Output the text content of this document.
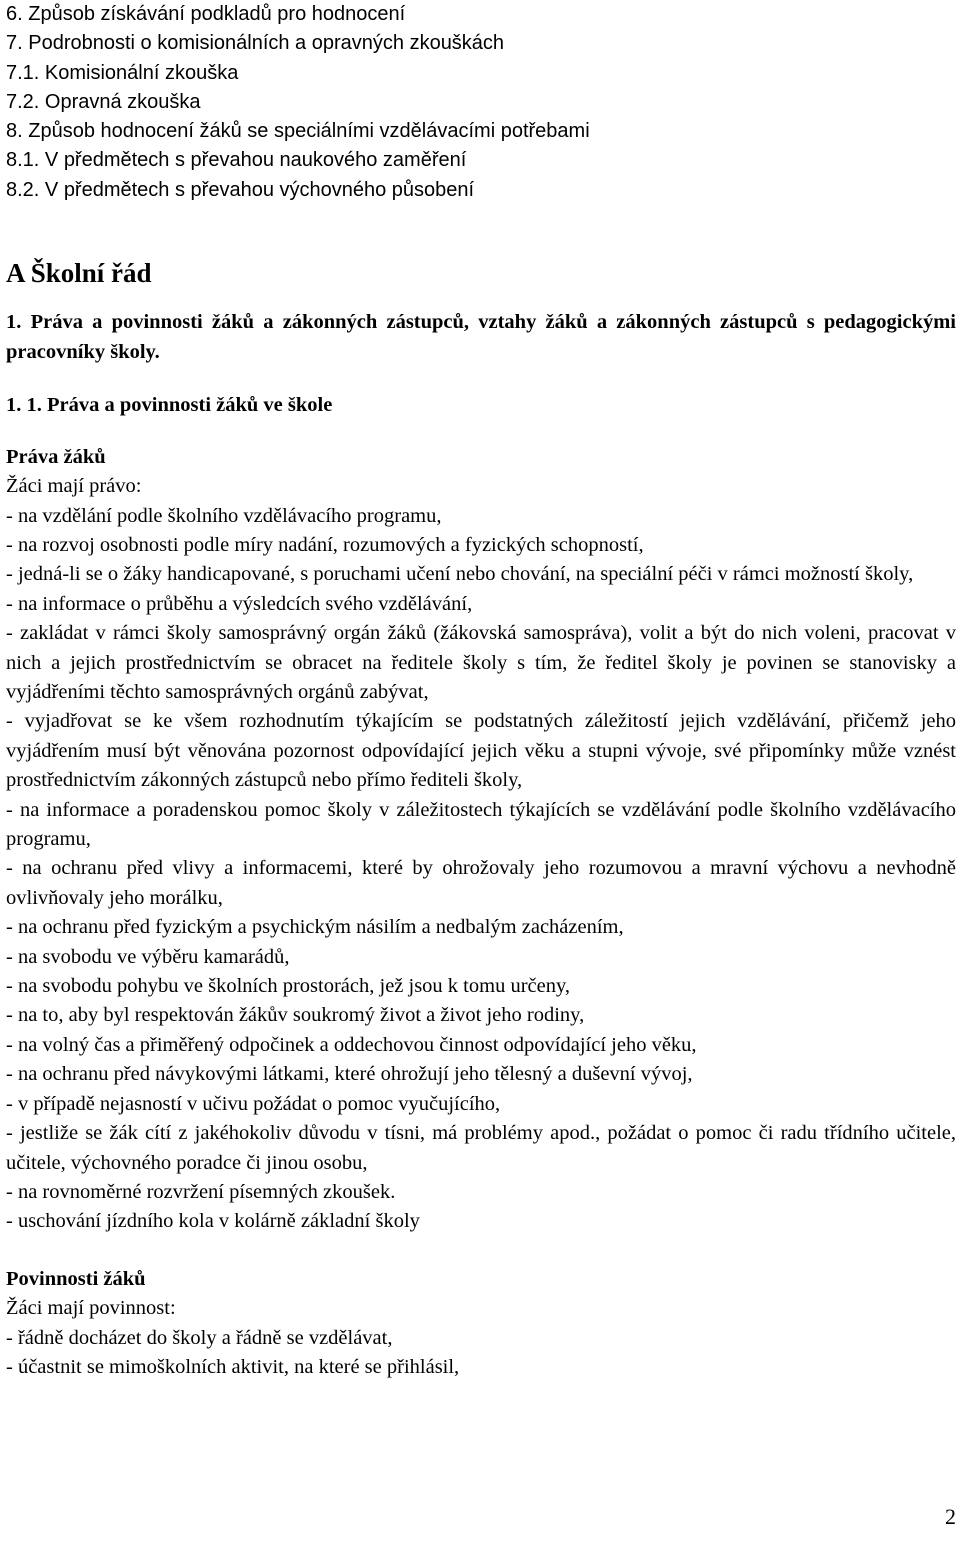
6. Způsob získávání podkladů pro hodnocení
7. Podrobnosti o komisionálních a opravných zkouškách
7.1. Komisionální zkouška
7.2. Opravná zkouška
8. Způsob hodnocení žáků se speciálními vzdělávacími potřebami
8.1. V předmětech s převahou naukového zaměření
8.2. V předmětech s převahou výchovného působení
A Školní řád
1. Práva a povinnosti žáků a zákonných zástupců, vztahy žáků a zákonných zástupců s pedagogickými pracovníky školy.
1. 1. Práva a povinnosti žáků ve škole
Práva žáků
Žáci mají právo:
- na vzdělání podle školního vzdělávacího programu,
- na rozvoj osobnosti podle míry nadání, rozumových a fyzických schopností,
- jedná-li se o žáky handicapované, s poruchami učení nebo chování, na speciální péči v rámci možností školy,
- na informace o průběhu a výsledcích svého vzdělávání,
- zakládat v rámci školy samosprávný orgán žáků (žákovská samospráva), volit a být do nich voleni, pracovat v nich a jejich prostřednictvím se obracet na ředitele školy s tím, že ředitel školy je povinen se stanovisky a vyjádřeními těchto samosprávných orgánů zabývat,
- vyjadřovat se ke všem rozhodnutím týkajícím se podstatných záležitostí jejich vzdělávání, přičemž jeho vyjádřením musí být věnována pozornost odpovídající jejich věku a stupni vývoje, své připomínky může vznést prostřednictvím zákonných zástupců nebo přímo řediteli školy,
- na informace a poradenskou pomoc školy v záležitostech týkajících se vzdělávání podle školního vzdělávacího programu,
- na ochranu před vlivy a informacemi, které by ohrožovaly jeho rozumovou a mravní výchovu a nevhodně ovlivňovaly jeho morálku,
- na ochranu před fyzickým a psychickým násilím a nedbalým zacházením,
- na svobodu ve výběru kamarádů,
- na svobodu pohybu ve školních prostorách, jež jsou k tomu určeny,
- na to, aby byl respektován žákův soukromý život a život jeho rodiny,
- na volný čas a přiměřený odpočinek a oddechovou činnost odpovídající jeho věku,
- na ochranu před návykovými látkami, které ohrožují jeho tělesný a duševní vývoj,
- v případě nejasností v učivu požádat o pomoc vyučujícího,
- jestliže se žák cítí z jakéhokoliv důvodu v tísni, má problémy apod., požádat o pomoc či radu třídního učitele, učitele, výchovného poradce či jinou osobu,
- na rovnoměrné rozvržení písemných zkoušek.
- uschování jízdního kola v kolárně základní školy
Povinnosti žáků
Žáci mají povinnost:
- řádně docházet do školy a řádně se vzdělávat,
- účastnit se mimoškolních aktivit, na které se přihlásil,
2
